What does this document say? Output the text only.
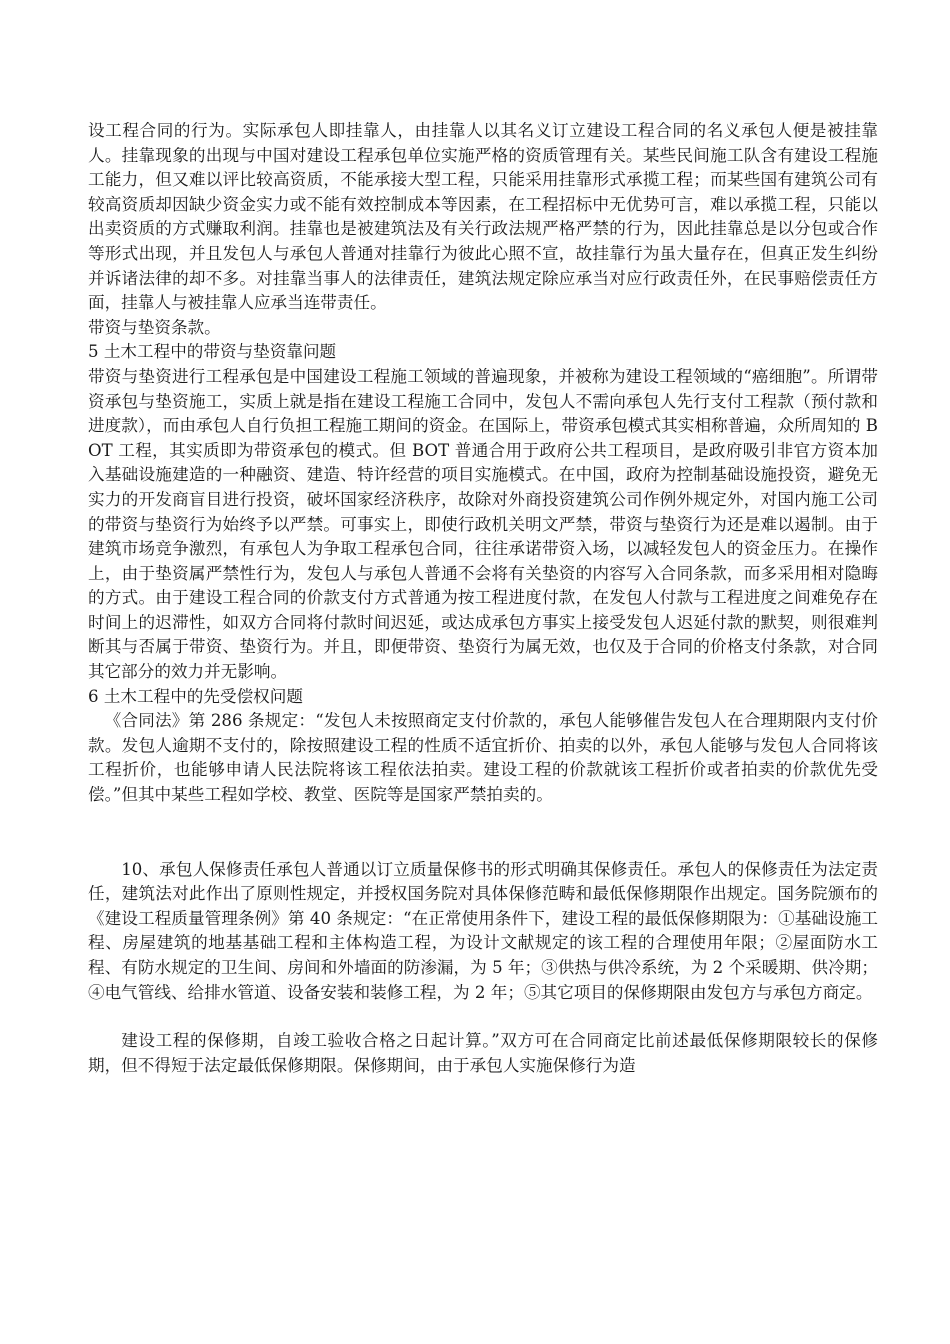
设工程合同的行为。实际承包人即挂靠人，由挂靠人以其名义订立建设工程合同的名义承包人便是被挂靠人。挂靠现象的出现与中国对建设工程承包单位实施严格的资质管理有关。某些民间施工队含有建设工程施工能力，但又难以评比较高资质，不能承接大型工程，只能采用挂靠形式承揽工程；而某些国有建筑公司有较高资质却因缺少资金实力或不能有效控制成本等因素，在工程招标中无优势可言，难以承揽工程，只能以出卖资质的方式赚取利润。挂靠也是被建筑法及有关行政法规严格严禁的行为，因此挂靠总是以分包或合作等形式出现，并且发包人与承包人普通对挂靠行为彼此心照不宣，故挂靠行为虽大量存在，但真正发生纠纷并诉诸法律的却不多。对挂靠当事人的法律责任，建筑法规定除应承当对应行政责任外，在民事赔偿责任方面，挂靠人与被挂靠人应承当连带责任。

带资与垫资条款。

5 土木工程中的带资与垫资靠问题

带资与垫资进行工程承包是中国建设工程施工领域的普遍现象，并被称为建设工程领域的“癌细胞”。所谓带资承包与垫资施工，实质上就是指在建设工程施工合同中，发包人不需向承包人先行支付工程款（预付款和进度款），而由承包人自行负担工程施工期间的资金。在国际上，带资承包模式其实相称普遍，众所周知的 BOT 工程，其实质即为带资承包的模式。但 BOT 普通合用于政府公共工程项目，是政府吸引非官方资本加入基础设施建造的一种融资、建造、特许经营的项目实施模式。在中国，政府为控制基础设施投资，避免无实力的开发商盲目进行投资，破坏国家经济秩序，故除对外商投资建筑公司作例外规定外，对国内施工公司的带资与垫资行为始终予以严禁。可事实上，即使行政机关明文严禁，带资与垫资行为还是难以遏制。由于建筑市场竞争激烈，有承包人为争取工程承包合同，往往承诺带资入场，以减轻发包人的资金压力。在操作上，由于垫资属严禁性行为，发包人与承包人普通不会将有关垫资的内容写入合同条款，而多采用相对隐晦的方式。由于建设工程合同的价款支付方式普通为按工程进度付款，在发包人付款与工程进度之间难免存在时间上的迟滞性，如双方合同将付款时间迟延，或达成承包方事实上接受发包人迟延付款的默契，则很难判断其与否属于带资、垫资行为。并且，即便带资、垫资行为属无效，也仅及于合同的价格支付条款，对合同其它部分的效力并无影响。

6 土木工程中的先受偿权问题

《合同法》第 286 条规定：“发包人未按照商定支付价款的，承包人能够催告发包人在合理期限内支付价款。发包人逾期不支付的，除按照建设工程的性质不适宜折价、拍卖的以外，承包人能够与发包人合同将该工程折价，也能够申请人民法院将该工程依法拍卖。建设工程的价款就该工程折价或者拍卖的价款优先受偿。”但其中某些工程如学校、教堂、医院等是国家严禁拍卖的。

10、承包人保修责任承包人普通以订立质量保修书的形式明确其保修责任。承包人的保修责任为法定责任，建筑法对此作出了原则性规定，并授权国务院对具体保修范畴和最低保修期限作出规定。国务院颁布的《建设工程质量管理条例》第 40 条规定：“在正常使用条件下，建设工程的最低保修期限为：①基础设施工程、房屋建筑的地基基础工程和主体构造工程，为设计文献规定的该工程的合理使用年限；②屋面防水工程、有防水规定的卫生间、房间和外墙面的防渗漏，为 5 年；③供热与供冷系统，为 2 个采暖期、供冷期；④电气管线、给排水管道、设备安装和装修工程，为 2 年；⑤其它项目的保修期限由发包方与承包方商定。

建设工程的保修期，自竣工验收合格之日起计算。”双方可在合同商定比前述最低保修期限较长的保修期，但不得短于法定最低保修期限。保修期间，由于承包人实施保修行为造
